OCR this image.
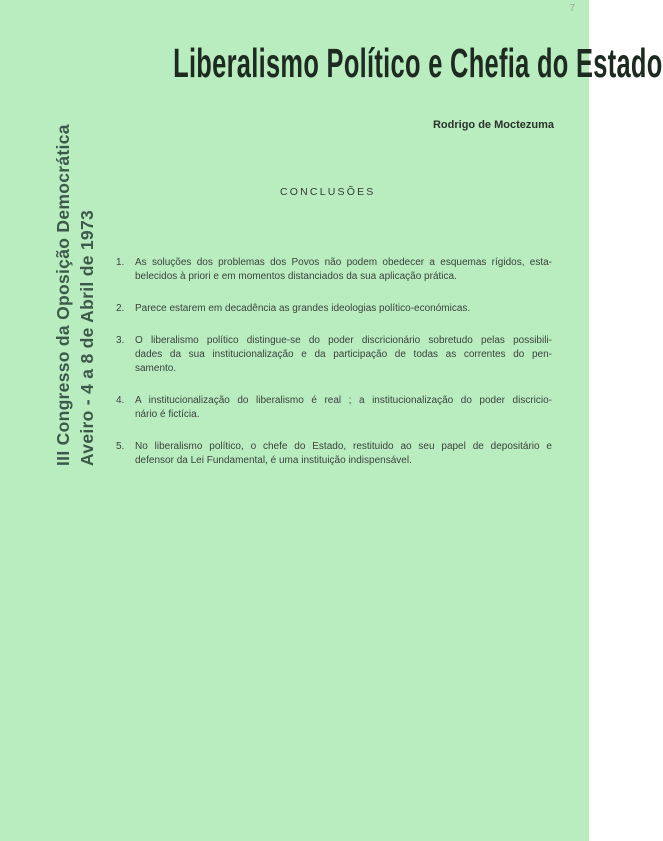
7
Liberalismo Político e Chefia do Estado
Rodrigo de Moctezuma
III Congresso da Oposição Democrática Aveiro - 4 a 8 de Abril de 1973
CONCLUSÕES
1. As soluções dos problemas dos Povos não podem obedecer a esquemas rígidos, esta-
belecidos à priori e em momentos distanciados da sua aplicação prática.
2. Parece estarem em decadência as grandes ideologias político-económicas.
3. O liberalismo político distingue-se do poder discricionário sobretudo pelas possibili-
dades da sua institucionalização e da participação de todas as correntes do pen-
samento.
4. A institucionalização do liberalismo é real ; a institucionalização do poder discricio-
nário é fictícia.
5. No liberalismo político, o chefe do Estado, restituido ao seu papel de depositário e
defensor da Lei Fundamental, é uma instituição indispensável.
